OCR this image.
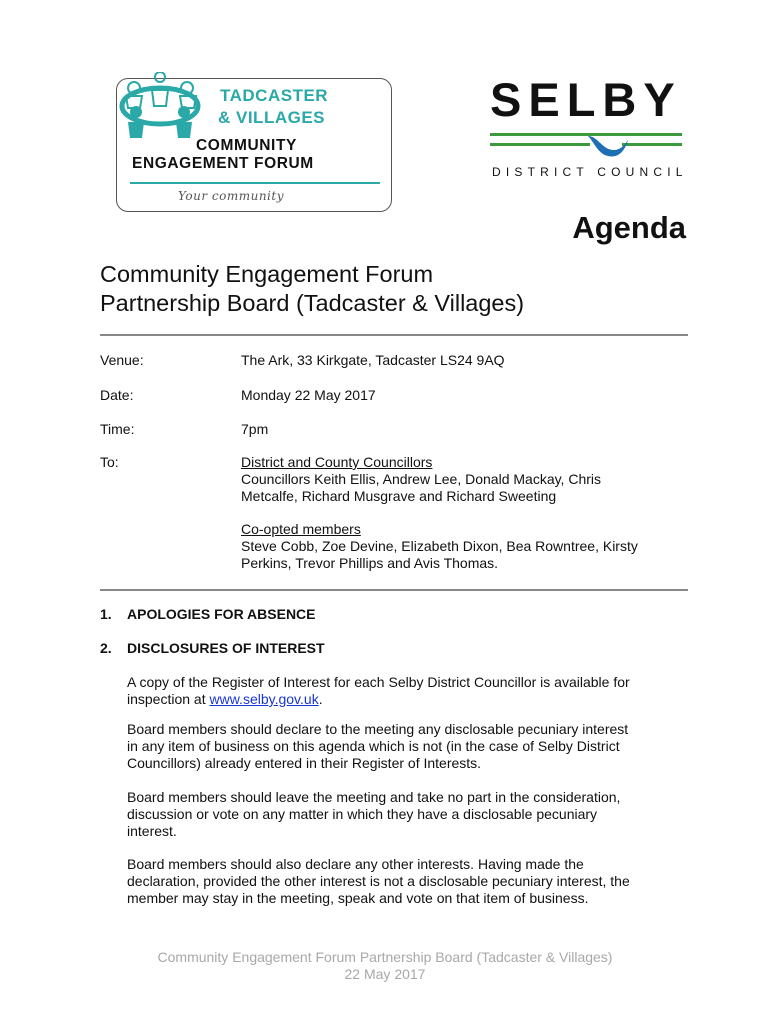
TADCASTER
& VILLAGES
COMMUNITY
ENGAGEMENT FORUM
Your community
SELBY
DISTRICT COUNCIL
Agenda
Community Engagement Forum
Partnership Board (Tadcaster & Villages)
Venue:	The Ark, 33 Kirkgate, Tadcaster LS24 9AQ
Date:	Monday 22 May 2017
Time:	7pm
To:	District and County Councillors
Councillors Keith Ellis, Andrew Lee, Donald Mackay, Chris
Metcalfe, Richard Musgrave and Richard Sweeting
Co-opted members
Steve Cobb, Zoe Devine, Elizabeth Dixon, Bea Rowntree, Kirsty
Perkins, Trevor Phillips and Avis Thomas.
1. APOLOGIES FOR ABSENCE
2. DISCLOSURES OF INTEREST
A copy of the Register of Interest for each Selby District Councillor is available for
inspection at www.selby.gov.uk.
Board members should declare to the meeting any disclosable pecuniary interest
in any item of business on this agenda which is not (in the case of Selby District
Councillors) already entered in their Register of Interests.
Board members should leave the meeting and take no part in the consideration,
discussion or vote on any matter in which they have a disclosable pecuniary
interest.
Board members should also declare any other interests. Having made the
declaration, provided the other interest is not a disclosable pecuniary interest, the
member may stay in the meeting, speak and vote on that item of business.
Community Engagement Forum Partnership Board (Tadcaster & Villages)
22 May 2017
